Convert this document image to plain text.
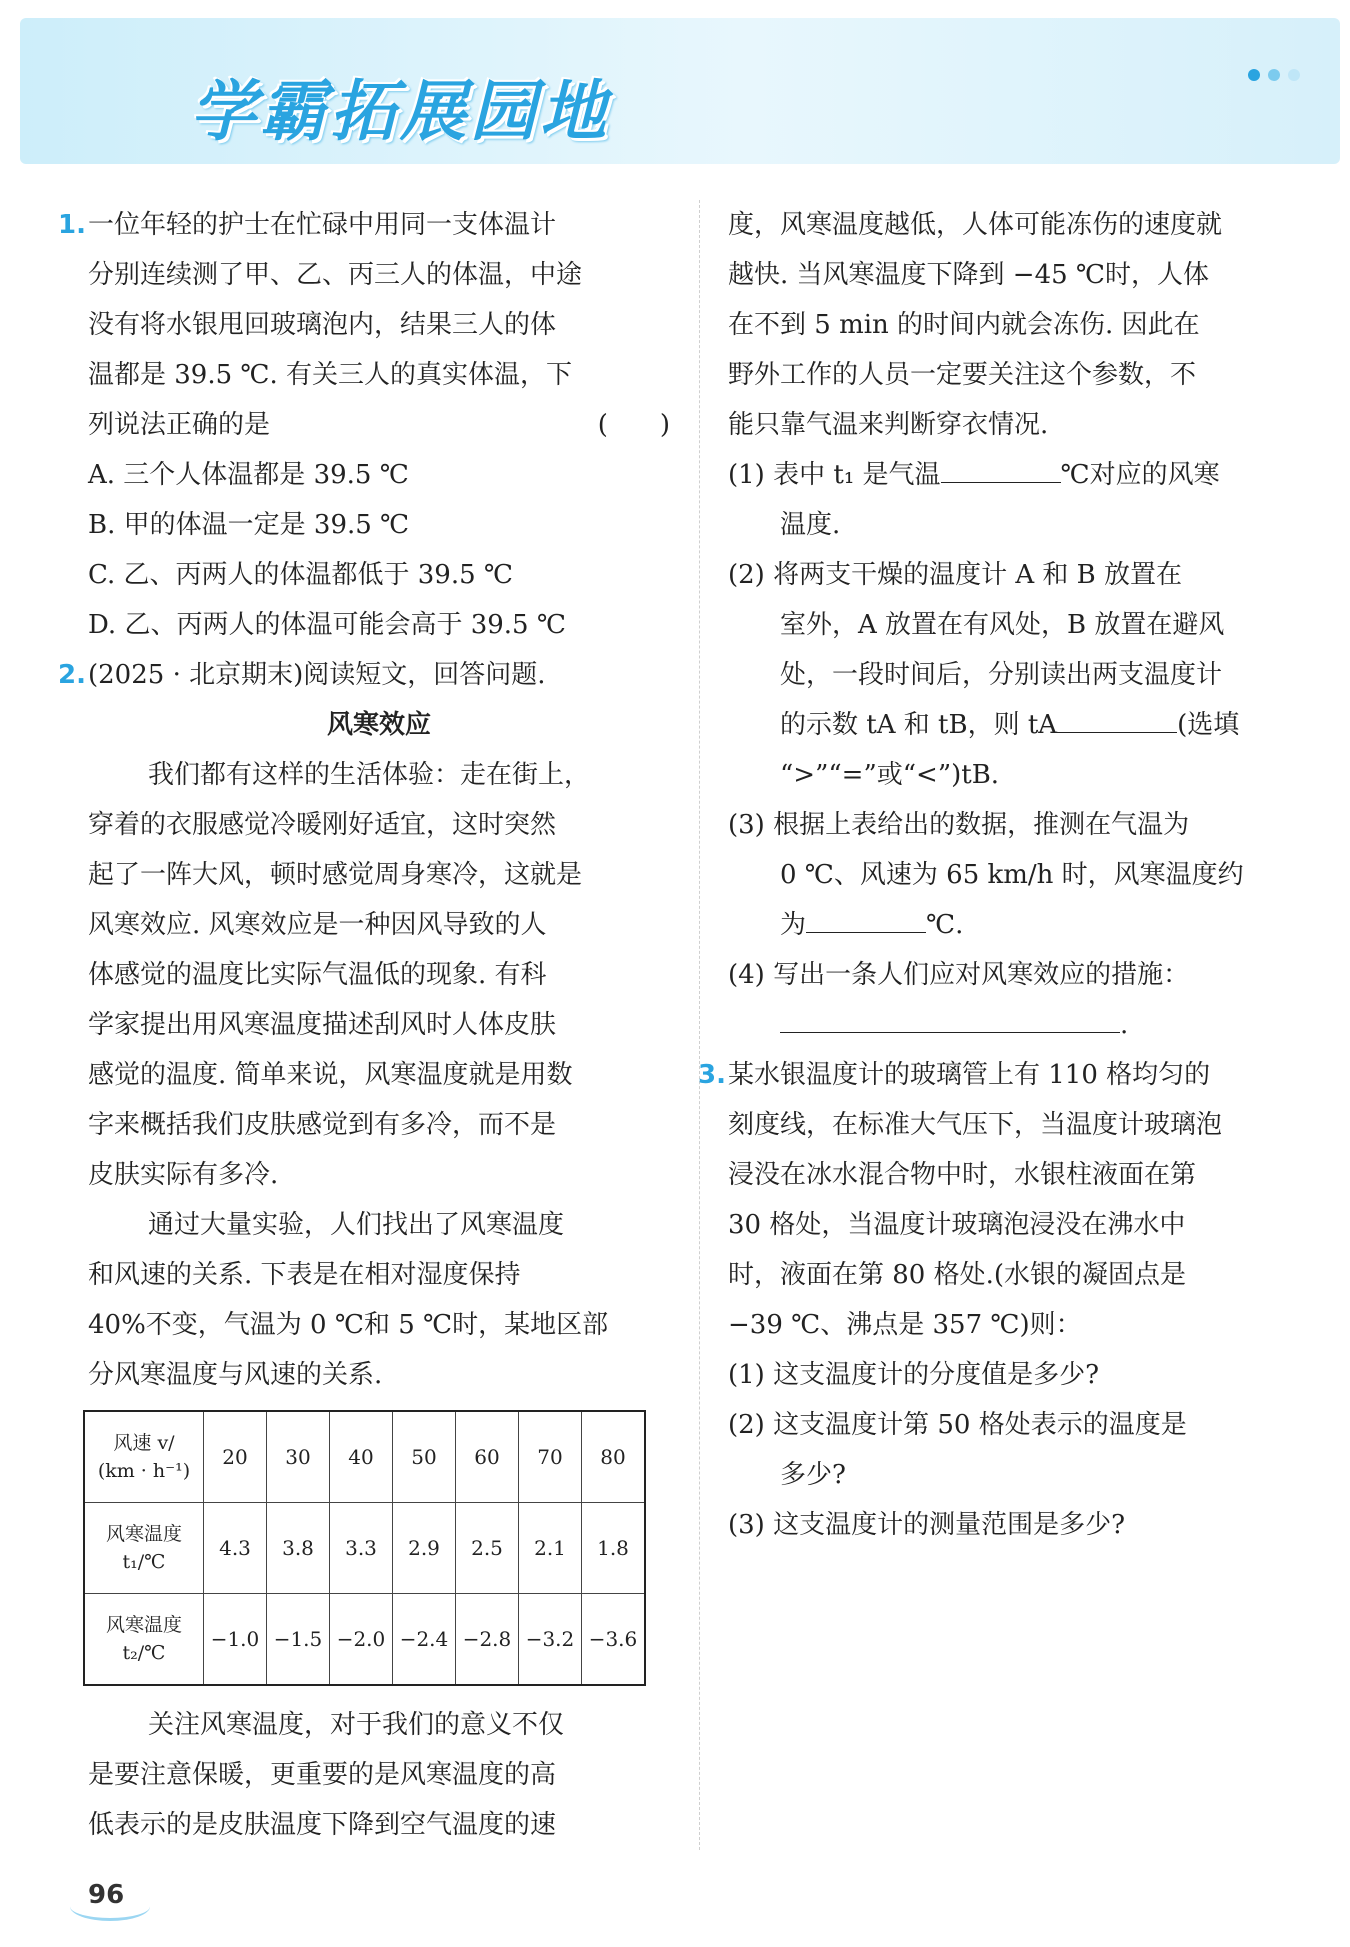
学霸拓展园地
1.一位年轻的护士在忙碌中用同一支体温计
分别连续测了甲、乙、丙三人的体温，中途
没有将水银甩回玻璃泡内，结果三人的体
温都是 39.5 ℃. 有关三人的真实体温，下
列说法正确的是	(　　)
A. 三个人体温都是 39.5 ℃
B. 甲的体温一定是 39.5 ℃
C. 乙、丙两人的体温都低于 39.5 ℃
D. 乙、丙两人的体温可能会高于 39.5 ℃
2.(2025 · 北京期末)阅读短文，回答问题.
风寒效应
我们都有这样的生活体验：走在街上，
穿着的衣服感觉冷暖刚好适宜，这时突然
起了一阵大风，顿时感觉周身寒冷，这就是
风寒效应. 风寒效应是一种因风导致的人
体感觉的温度比实际气温低的现象. 有科
学家提出用风寒温度描述刮风时人体皮肤
感觉的温度. 简单来说，风寒温度就是用数
字来概括我们皮肤感觉到有多冷，而不是
皮肤实际有多冷.
通过大量实验，人们找出了风寒温度
和风速的关系. 下表是在相对湿度保持
40%不变，气温为 0 ℃和 5 ℃时，某地区部
分风寒温度与风速的关系.
风速 v/
(km · h⁻¹)	20	30	40	50	60	70	80

风寒温度
t₁/℃	4.3	3.8	3.3	2.9	2.5	2.1	1.8

风寒温度
t₂/℃	−1.0	−1.5	−2.0	−2.4	−2.8	−3.2	−3.6
关注风寒温度，对于我们的意义不仅
是要注意保暖，更重要的是风寒温度的高
低表示的是皮肤温度下降到空气温度的速
度，风寒温度越低，人体可能冻伤的速度就
越快. 当风寒温度下降到 −45 ℃时，人体
在不到 5 min 的时间内就会冻伤. 因此在
野外工作的人员一定要关注这个参数，不
能只靠气温来判断穿衣情况.
(1) 表中 t₁ 是气温	℃对应的风寒
温度.
(2) 将两支干燥的温度计 A 和 B 放置在
室外，A 放置在有风处，B 放置在避风
处，一段时间后，分别读出两支温度计
的示数 tA 和 tB，则 tA	(选填
“>”“=”或“<”)tB.
(3) 根据上表给出的数据，推测在气温为
0 ℃、风速为 65 km/h 时，风寒温度约
为	℃.
(4) 写出一条人们应对风寒效应的措施：
.
3.某水银温度计的玻璃管上有 110 格均匀的
刻度线，在标准大气压下，当温度计玻璃泡
浸没在冰水混合物中时，水银柱液面在第
30 格处，当温度计玻璃泡浸没在沸水中
时，液面在第 80 格处.(水银的凝固点是
−39 ℃、沸点是 357 ℃)则：
(1) 这支温度计的分度值是多少?
(2) 这支温度计第 50 格处表示的温度是
多少?
(3) 这支温度计的测量范围是多少?
96
